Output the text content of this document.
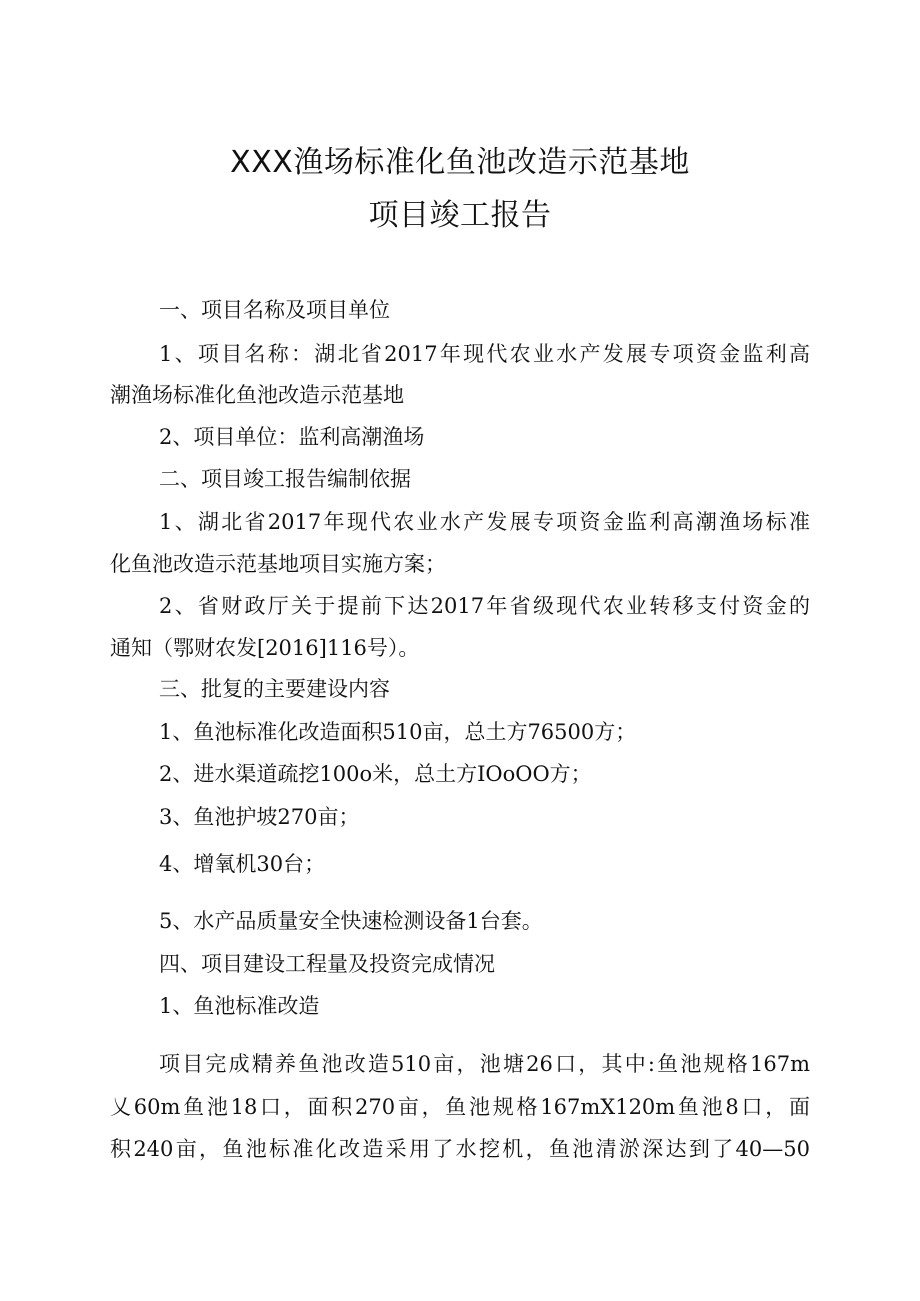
XXX渔场标准化鱼池改造示范基地
项目竣工报告
一、项目名称及项目单位
1、项目名称：湖北省2017年现代农业水产发展专项资金监利高
潮渔场标准化鱼池改造示范基地
2、项目单位：监利高潮渔场
二、项目竣工报告编制依据
1、湖北省2017年现代农业水产发展专项资金监利高潮渔场标准
化鱼池改造示范基地项目实施方案；
2、省财政厅关于提前下达2017年省级现代农业转移支付资金的
通知（鄂财农发[2016]116号）。
三、批复的主要建设内容
1、鱼池标准化改造面积510亩，总土方76500方；
2、进水渠道疏挖100o米，总土方IOoOO方；
3、鱼池护坡270亩；
4、增氧机30台；
5、水产品质量安全快速检测设备1台套。
四、项目建设工程量及投资完成情况
1、鱼池标准改造
项目完成精养鱼池改造510亩，池塘26口，其中:鱼池规格167m
乂60m鱼池18口，面积270亩，鱼池规格167mX120m鱼池8口，面
积240亩，鱼池标准化改造采用了水挖机，鱼池清淤深达到了40—50
